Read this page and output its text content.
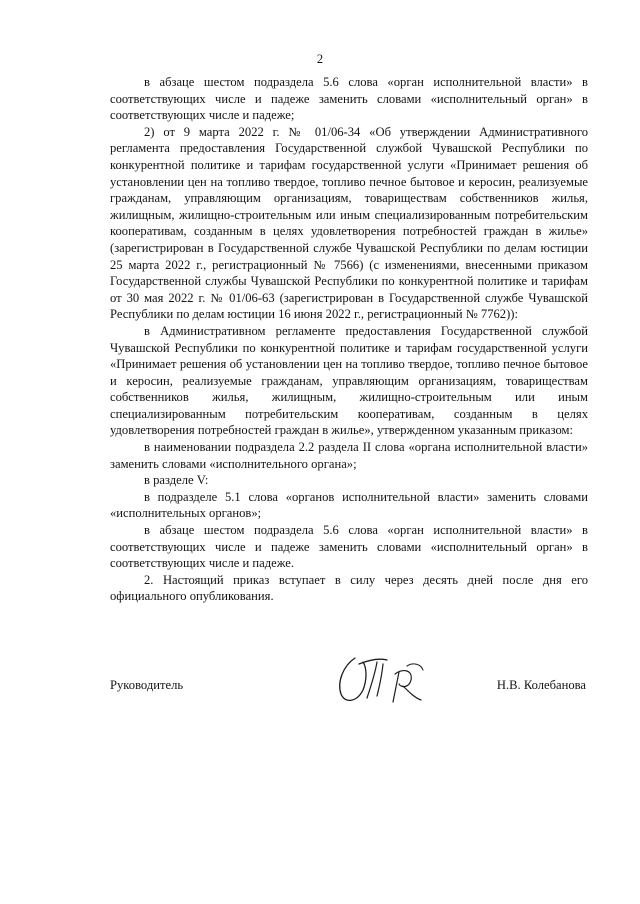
2

в абзаце шестом подраздела 5.6 слова «орган исполнительной власти» в соответствующих числе и падеже заменить словами «исполнительный орган» в соответствующих числе и падеже;

2) от 9 марта 2022 г. № 01/06-34 «Об утверждении Административного регламента предоставления Государственной службой Чувашской Республики по конкурентной политике и тарифам государственной услуги «Принимает решения об установлении цен на топливо твердое, топливо печное бытовое и керосин, реализуемые гражданам, управляющим организациям, товариществам собственников жилья, жилищным, жилищно-строительным или иным специализированным потребительским кооперативам, созданным в целях удовлетворения потребностей граждан в жилье» (зарегистрирован в Государственной службе Чувашской Республики по делам юстиции 25 марта 2022 г., регистрационный № 7566) (с изменениями, внесенными приказом Государственной службы Чувашской Республики по конкурентной политике и тарифам от 30 мая 2022 г. № 01/06-63 (зарегистрирован в Государственной службе Чувашской Республики по делам юстиции 16 июня 2022 г., регистрационный № 7762)):

в Административном регламенте предоставления Государственной службой Чувашской Республики по конкурентной политике и тарифам государственной услуги «Принимает решения об установлении цен на топливо твердое, топливо печное бытовое и керосин, реализуемые гражданам, управляющим организациям, товариществам собственников жилья, жилищным, жилищно-строительным или иным специализированным потребительским кооперативам, созданным в целях удовлетворения потребностей граждан в жилье», утвержденном указанным приказом:

в наименовании подраздела 2.2 раздела II слова «органа исполнительной власти» заменить словами «исполнительного органа»;

в разделе V:

в подразделе 5.1 слова «органов исполнительной власти» заменить словами «исполнительных органов»;

в абзаце шестом подраздела 5.6 слова «орган исполнительной власти» в соответствующих числе и падеже заменить словами «исполнительный орган» в соответствующих числе и падеже.

2. Настоящий приказ вступает в силу через десять дней после дня его официального опубликования.

Руководитель	Н.В. Колебанова
